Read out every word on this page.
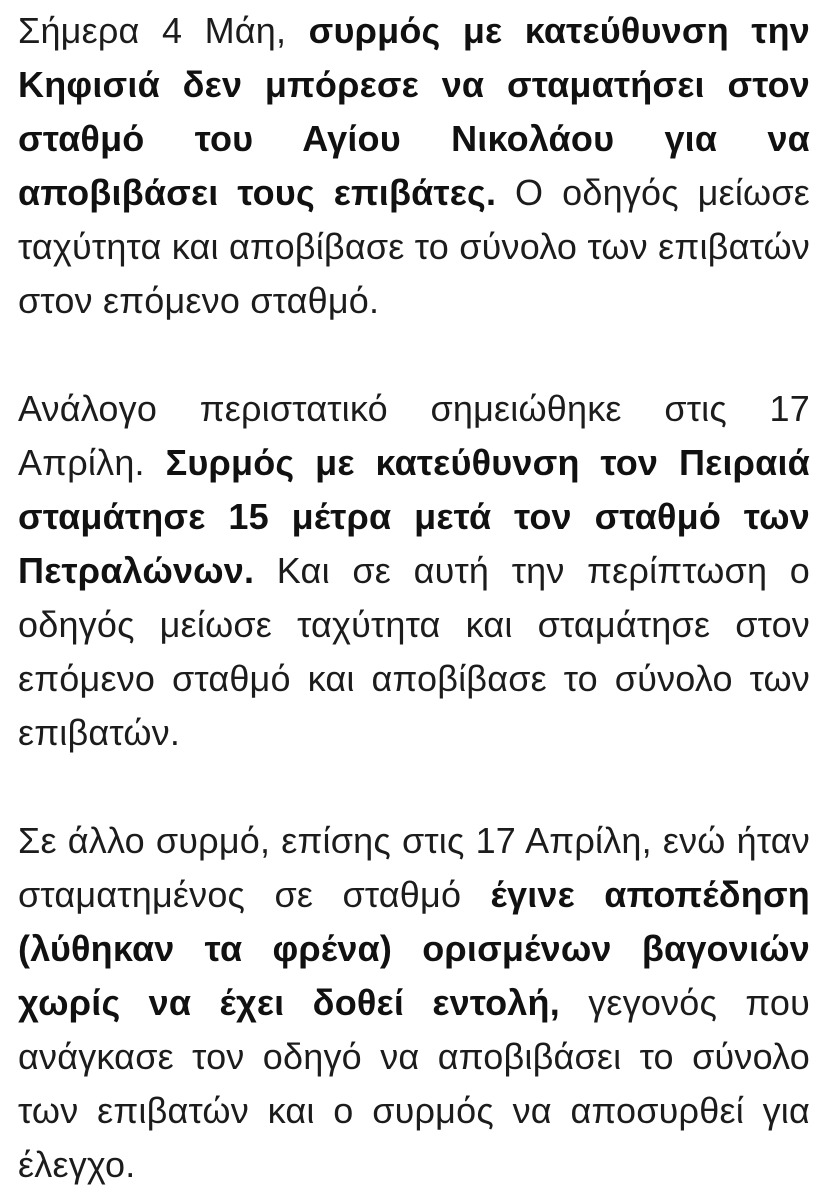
Σήμερα 4 Μάη, συρμός με κατεύθυνση την Κηφισιά δεν μπόρεσε να σταματήσει στον σταθμό του Αγίου Νικολάου για να αποβιβάσει τους επιβάτες. Ο οδηγός μείωσε ταχύτητα και αποβίβασε το σύνολο των επιβατών στον επόμενο σταθμό.

Ανάλογο περιστατικό σημειώθηκε στις 17 Απρίλη. Συρμός με κατεύθυνση τον Πειραιά σταμάτησε 15 μέτρα μετά τον σταθμό των Πετραλώνων. Και σε αυτή την περίπτωση ο οδηγός μείωσε ταχύτητα και σταμάτησε στον επόμενο σταθμό και αποβίβασε το σύνολο των επιβατών.

Σε άλλο συρμό, επίσης στις 17 Απρίλη, ενώ ήταν σταματημένος σε σταθμό έγινε αποπέδηση (λύθηκαν τα φρένα) ορισμένων βαγονιών χωρίς να έχει δοθεί εντολή, γεγονός που ανάγκασε τον οδηγό να αποβιβάσει το σύνολο των επιβατών και ο συρμός να αποσυρθεί για έλεγχο.
